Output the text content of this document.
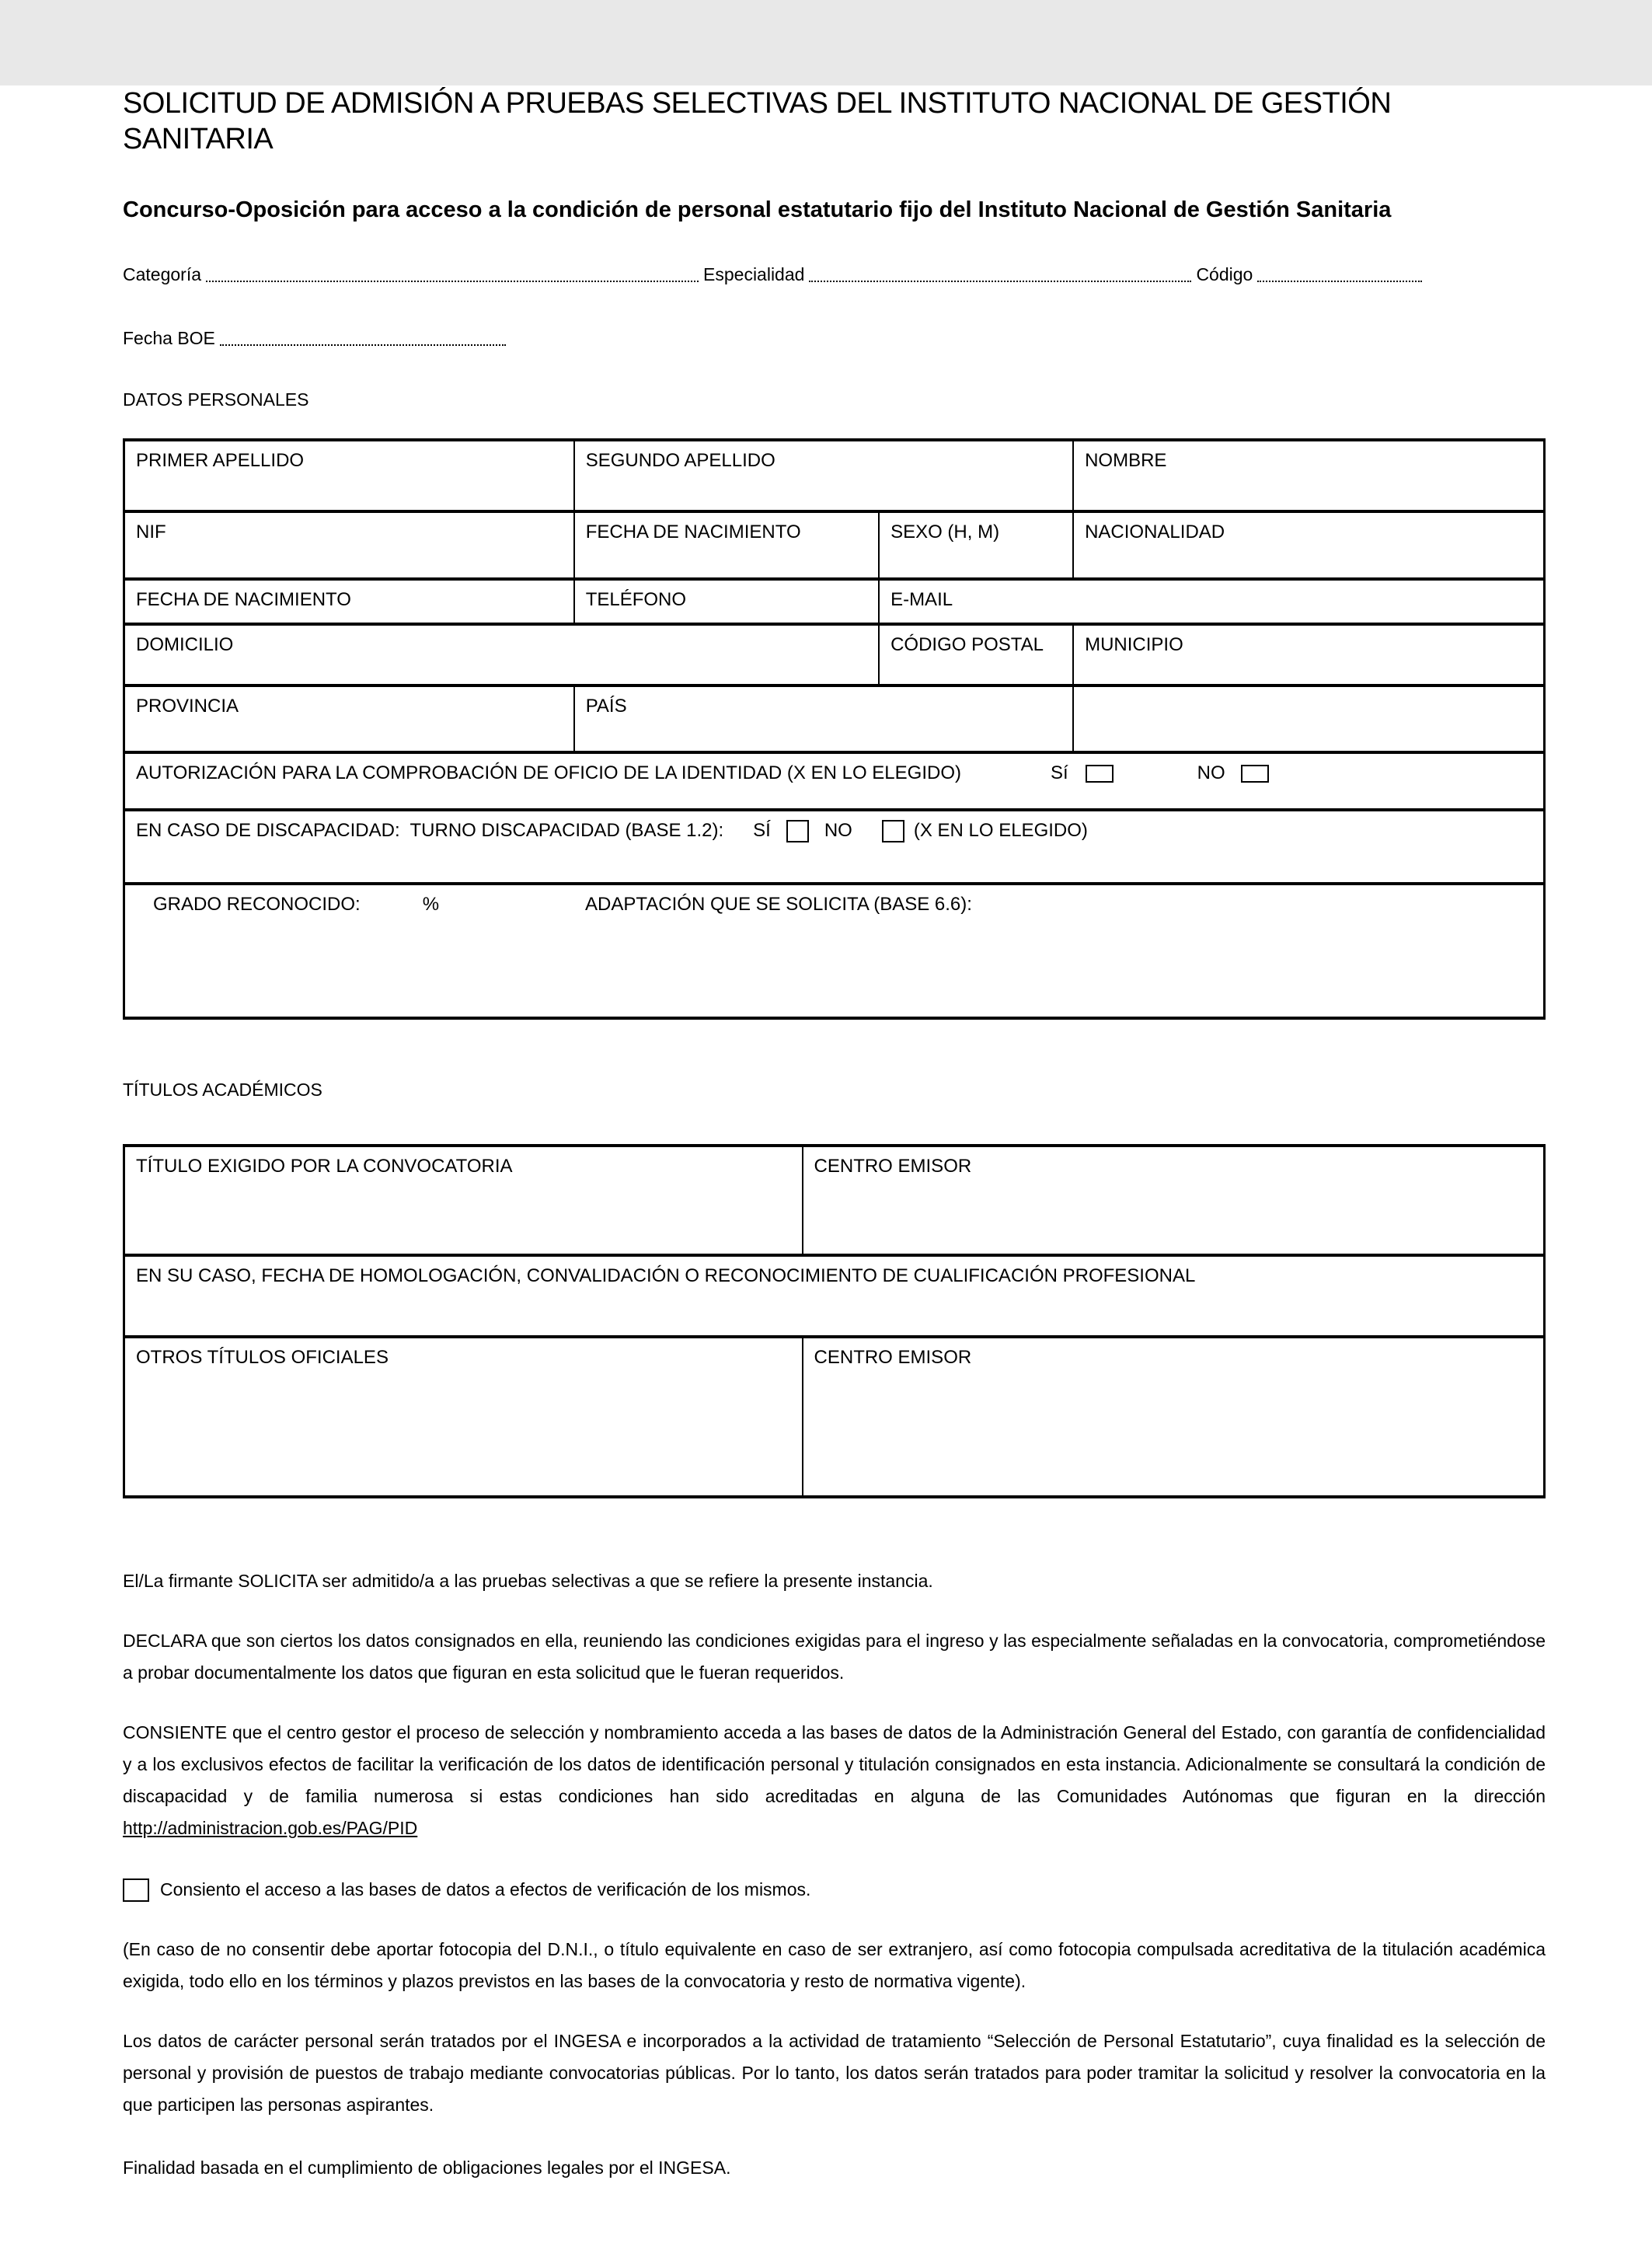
SOLICITUD DE ADMISIÓN A PRUEBAS SELECTIVAS DEL INSTITUTO NACIONAL DE GESTIÓN SANITARIA
Concurso-Oposición para acceso a la condición de personal estatutario fijo del Instituto Nacional de Gestión Sanitaria
Categoría	Especialidad	Código
Fecha BOE
DATOS PERSONALES
PRIMER APELLIDO	SEGUNDO APELLIDO	NOMBRE
NIF	FECHA DE NACIMIENTO	SEXO (H, M)	NACIONALIDAD
FECHA DE NACIMIENTO	TELÉFONO	E-MAIL
DOMICILIO	CÓDIGO POSTAL	MUNICIPIO
PROVINCIA	PAÍS
AUTORIZACIÓN PARA LA COMPROBACIÓN DE OFICIO DE LA IDENTIDAD (X EN LO ELEGIDO)	Sí	NO
EN CASO DE DISCAPACIDAD:  TURNO DISCAPACIDAD (BASE 1.2): SÍ	NO	(X EN LO ELEGIDO)
GRADO RECONOCIDO:	%	ADAPTACIÓN QUE SE SOLICITA (BASE 6.6):
TÍTULOS ACADÉMICOS
TÍTULO EXIGIDO POR LA CONVOCATORIA	CENTRO EMISOR
EN SU CASO, FECHA DE HOMOLOGACIÓN, CONVALIDACIÓN O RECONOCIMIENTO DE CUALIFICACIÓN PROFESIONAL
OTROS TÍTULOS OFICIALES	CENTRO EMISOR

El/La firmante SOLICITA ser admitido/a a las pruebas selectivas a que se refiere la presente instancia.

DECLARA que son ciertos los datos consignados en ella, reuniendo las condiciones exigidas para el ingreso y las especialmente señaladas en la convocatoria, comprometiéndose a probar documentalmente los datos que figuran en esta solicitud que le fueran requeridos.

CONSIENTE que el centro gestor el proceso de selección y nombramiento acceda a las bases de datos de la Administración General del Estado, con garantía de confidencialidad y a los exclusivos efectos de facilitar la verificación de los datos de identificación personal y titulación consignados en esta instancia. Adicionalmente se consultará la condición de discapacidad y de familia numerosa si estas condiciones han sido acreditadas en alguna de las Comunidades Autónomas que figuran en la dirección http://administracion.gob.es/PAG/PID

Consiento el acceso a las bases de datos a efectos de verificación de los mismos.

(En caso de no consentir debe aportar fotocopia del D.N.I., o título equivalente en caso de ser extranjero, así como fotocopia compulsada acreditativa de la titulación académica exigida, todo ello en los términos y plazos previstos en las bases de la convocatoria y resto de normativa vigente).

Los datos de carácter personal serán tratados por el INGESA e incorporados a la actividad de tratamiento “Selección de Personal Estatutario”, cuya finalidad es la selección de personal y provisión de puestos de trabajo mediante convocatorias públicas. Por lo tanto, los datos serán tratados para poder tramitar la solicitud y resolver la convocatoria en la que participen las personas aspirantes.

Finalidad basada en el cumplimiento de obligaciones legales por el INGESA.
